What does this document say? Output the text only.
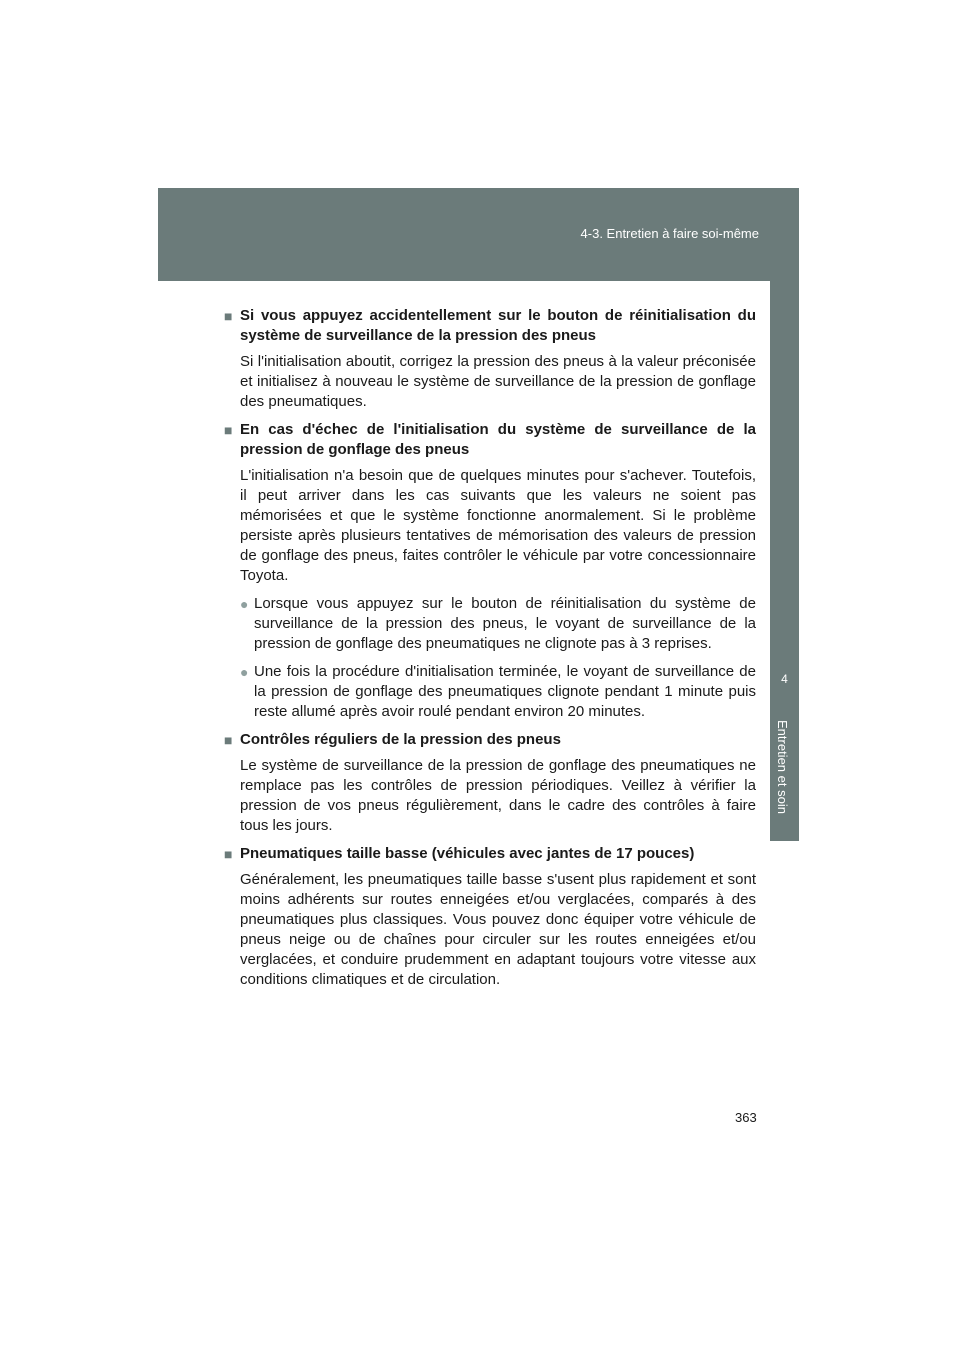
4-3. Entretien à faire soi-même
4
Entretien et soin

■ Si vous appuyez accidentellement sur le bouton de réinitialisation du système de surveillance de la pression des pneus

Si l'initialisation aboutit, corrigez la pression des pneus à la valeur préconisée et initialisez à nouveau le système de surveillance de la pression de gonflage des pneumatiques.

■ En cas d'échec de l'initialisation du système de surveillance de la pression de gonflage des pneus

L'initialisation n'a besoin que de quelques minutes pour s'achever. Toutefois, il peut arriver dans les cas suivants que les valeurs ne soient pas mémorisées et que le système fonctionne anormalement. Si le problème persiste après plusieurs tentatives de mémorisation des valeurs de pression de gonflage des pneus, faites contrôler le véhicule par votre concessionnaire Toyota.

● Lorsque vous appuyez sur le bouton de réinitialisation du système de surveillance de la pression des pneus, le voyant de surveillance de la pression de gonflage des pneumatiques ne clignote pas à 3 reprises.
● Une fois la procédure d'initialisation terminée, le voyant de surveillance de la pression de gonflage des pneumatiques clignote pendant 1 minute puis reste allumé après avoir roulé pendant environ 20 minutes.

■ Contrôles réguliers de la pression des pneus

Le système de surveillance de la pression de gonflage des pneumatiques ne remplace pas les contrôles de pression périodiques. Veillez à vérifier la pression de vos pneus régulièrement, dans le cadre des contrôles à faire tous les jours.

■ Pneumatiques taille basse (véhicules avec jantes de 17 pouces)

Généralement, les pneumatiques taille basse s'usent plus rapidement et sont moins adhérents sur routes enneigées et/ou verglacées, comparés à des pneumatiques plus classiques. Vous pouvez donc équiper votre véhicule de pneus neige ou de chaînes pour circuler sur les routes enneigées et/ou verglacées, et conduire prudemment en adaptant toujours votre vitesse aux conditions climatiques et de circulation.

363
